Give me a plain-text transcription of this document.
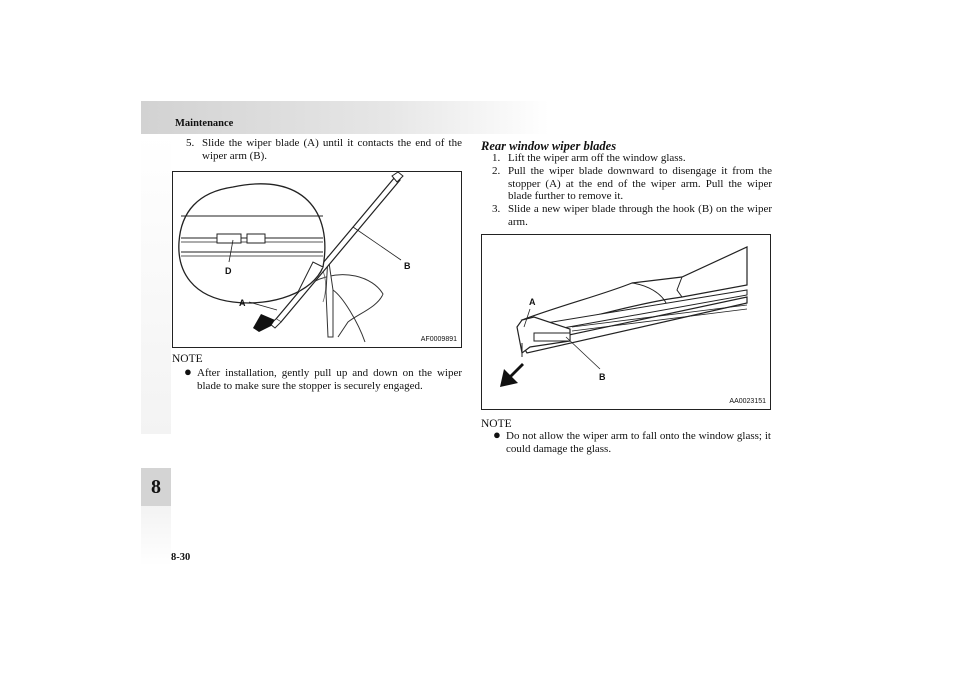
Maintenance
8
8-30
5. Slide the wiper blade (A) until it contacts the end of the wiper arm (B).
B
D
A
AF0009891
NOTE
● After installation, gently pull up and down on the wiper blade to make sure the stopper is securely engaged.
Rear window wiper blades
1. Lift the wiper arm off the window glass.
2. Pull the wiper blade downward to disengage it from the stopper (A) at the end of the wiper arm. Pull the wiper blade further to remove it.
3. Slide a new wiper blade through the hook (B) on the wiper arm.
A
B
AA0023151
NOTE
● Do not allow the wiper arm to fall onto the window glass; it could damage the glass.
